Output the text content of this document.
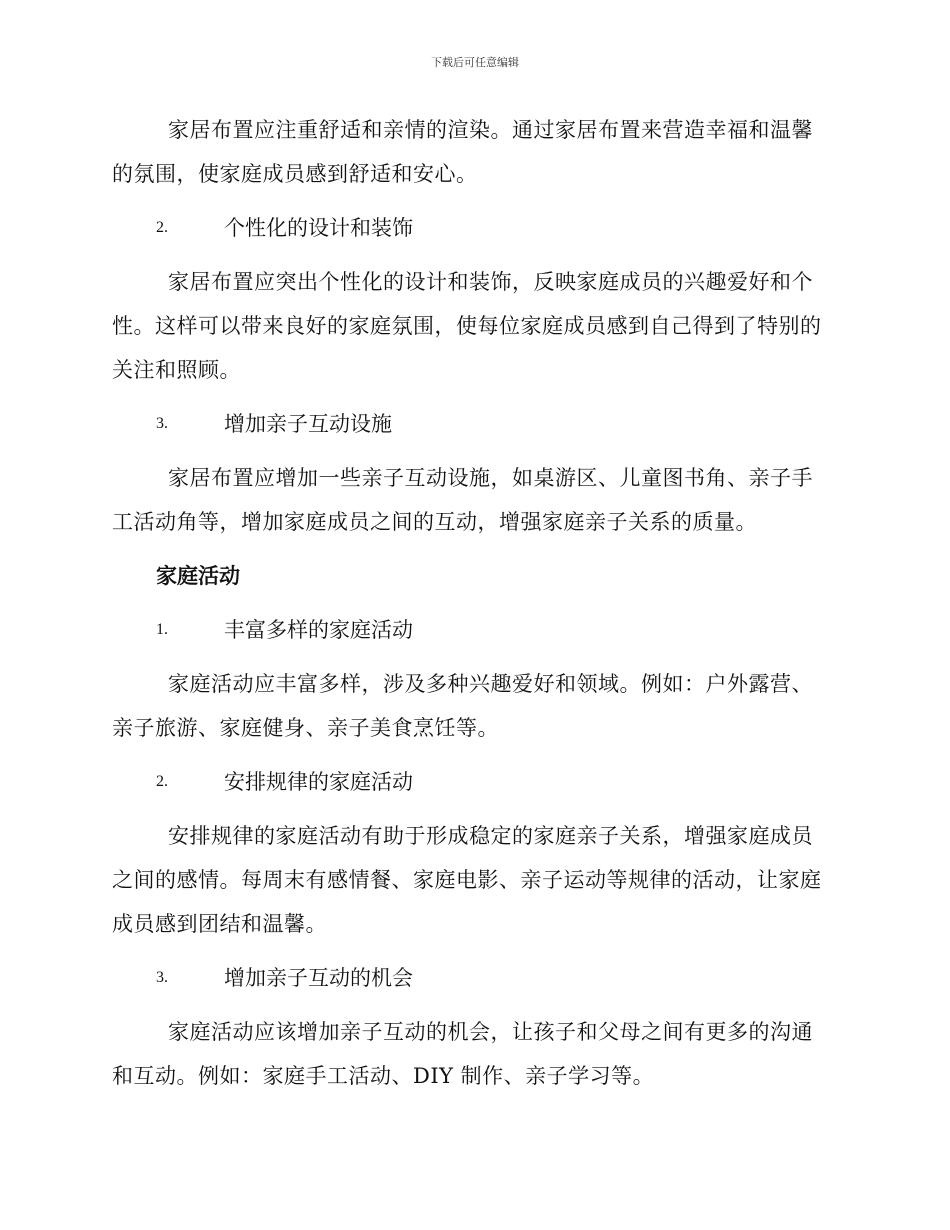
下载后可任意编辑

家居布置应注重舒适和亲情的渲染。通过家居布置来营造幸福和温馨的氛围，使家庭成员感到舒适和安心。

2.	个性化的设计和装饰

家居布置应突出个性化的设计和装饰，反映家庭成员的兴趣爱好和个性。这样可以带来良好的家庭氛围，使每位家庭成员感到自己得到了特别的关注和照顾。

3.	增加亲子互动设施

家居布置应增加一些亲子互动设施，如桌游区、儿童图书角、亲子手工活动角等，增加家庭成员之间的互动，增强家庭亲子关系的质量。

家庭活动
1.	丰富多样的家庭活动

家庭活动应丰富多样，涉及多种兴趣爱好和领域。例如：户外露营、亲子旅游、家庭健身、亲子美食烹饪等。

2.	安排规律的家庭活动

安排规律的家庭活动有助于形成稳定的家庭亲子关系，增强家庭成员之间的感情。每周末有感情餐、家庭电影、亲子运动等规律的活动，让家庭成员感到团结和温馨。

3.	增加亲子互动的机会

家庭活动应该增加亲子互动的机会，让孩子和父母之间有更多的沟通和互动。例如：家庭手工活动、DIY 制作、亲子学习等。
